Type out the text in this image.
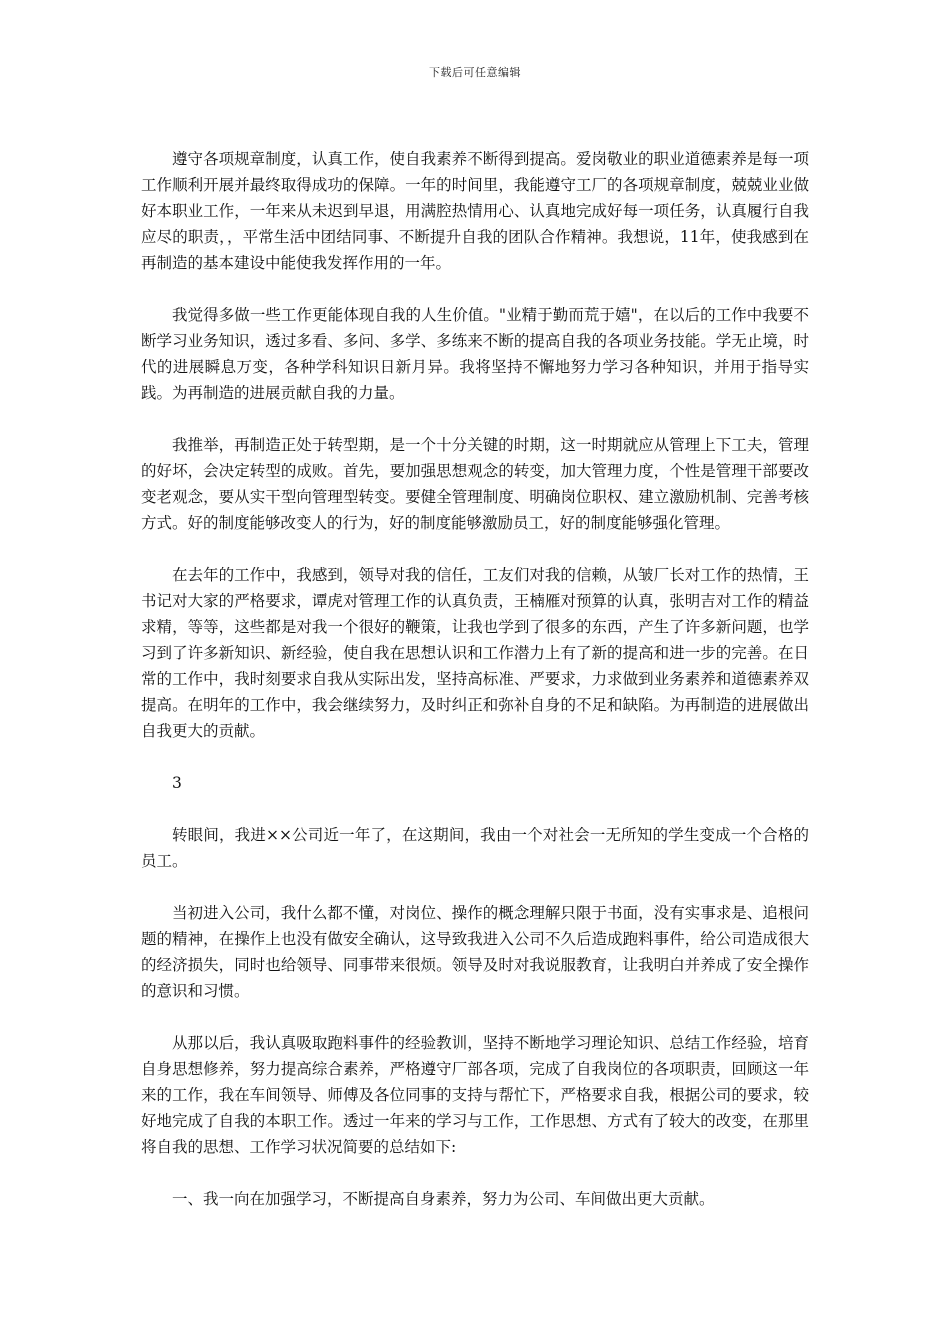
下载后可任意编辑

遵守各项规章制度，认真工作，使自我素养不断得到提高。爱岗敬业的职业道德素养是每一项工作顺利开展并最终取得成功的保障。一年的时间里，我能遵守工厂的各项规章制度，兢兢业业做好本职业工作，一年来从未迟到早退，用满腔热情用心、认真地完成好每一项任务，认真履行自我应尽的职责，，平常生活中团结同事、不断提升自我的团队合作精神。我想说，11年，使我感到在再制造的基本建设中能使我发挥作用的一年。

我觉得多做一些工作更能体现自我的人生价值。"业精于勤而荒于嬉"，在以后的工作中我要不断学习业务知识，透过多看、多问、多学、多练来不断的提高自我的各项业务技能。学无止境，时代的进展瞬息万变，各种学科知识日新月异。我将坚持不懈地努力学习各种知识，并用于指导实践。为再制造的进展贡献自我的力量。

我推举，再制造正处于转型期，是一个十分关键的时期，这一时期就应从管理上下工夫，管理的好坏，会决定转型的成败。首先，要加强思想观念的转变，加大管理力度，个性是管理干部要改变老观念，要从实干型向管理型转变。要健全管理制度、明确岗位职权、建立激励机制、完善考核方式。好的制度能够改变人的行为，好的制度能够激励员工，好的制度能够强化管理。

在去年的工作中，我感到，领导对我的信任，工友们对我的信赖，从皱厂长对工作的热情，王书记对大家的严格要求，谭虎对管理工作的认真负责，王楠雁对预算的认真，张明吉对工作的精益求精，等等，这些都是对我一个很好的鞭策，让我也学到了很多的东西，产生了许多新问题，也学习到了许多新知识、新经验，使自我在思想认识和工作潜力上有了新的提高和进一步的完善。在日常的工作中，我时刻要求自我从实际出发，坚持高标准、严要求，力求做到业务素养和道德素养双提高。在明年的工作中，我会继续努力，及时纠正和弥补自身的不足和缺陷。为再制造的进展做出自我更大的贡献。

3

转眼间，我进××公司近一年了，在这期间，我由一个对社会一无所知的学生变成一个合格的员工。

当初进入公司，我什么都不懂，对岗位、操作的概念理解只限于书面，没有实事求是、追根问题的精神，在操作上也没有做安全确认，这导致我进入公司不久后造成跑料事件，给公司造成很大的经济损失，同时也给领导、同事带来很烦。领导及时对我说服教育，让我明白并养成了安全操作的意识和习惯。

从那以后，我认真吸取跑料事件的经验教训，坚持不断地学习理论知识、总结工作经验，培育自身思想修养，努力提高综合素养，严格遵守厂部各项，完成了自我岗位的各项职责，回顾这一年来的工作，我在车间领导、师傅及各位同事的支持与帮忙下，严格要求自我，根据公司的要求，较好地完成了自我的本职工作。透过一年来的学习与工作，工作思想、方式有了较大的改变，在那里将自我的思想、工作学习状况简要的总结如下:

一、我一向在加强学习，不断提高自身素养，努力为公司、车间做出更大贡献。
